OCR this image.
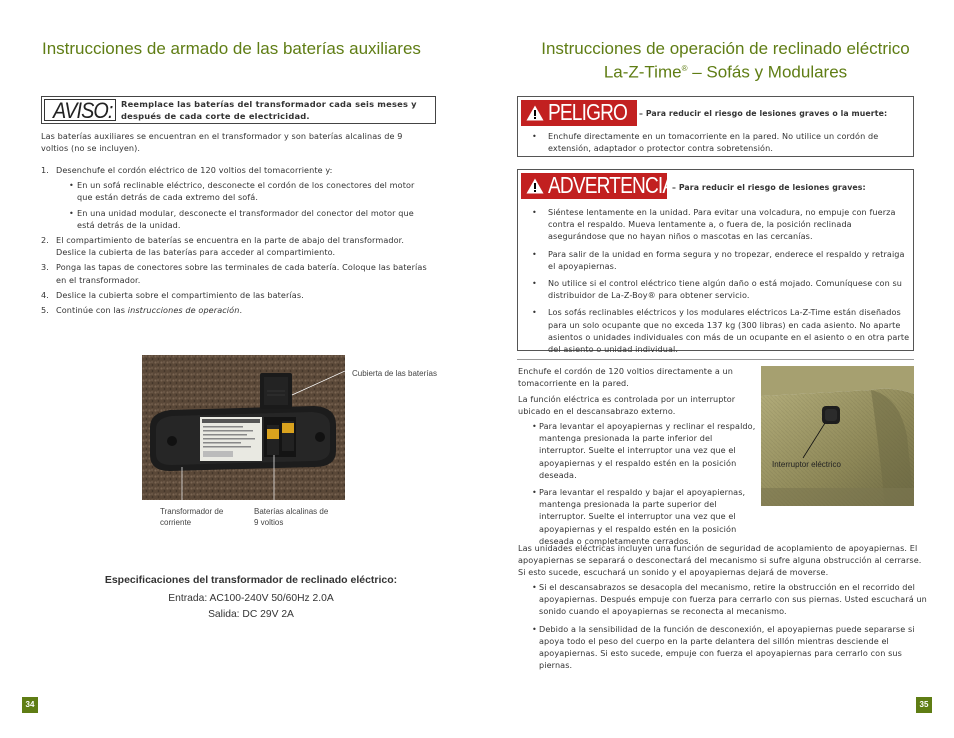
Instrucciones de armado de las baterías auxiliares
AVISO: Reemplace las baterías del transformador cada seis meses y después de cada corte de electricidad.

Las baterías auxiliares se encuentran en el transformador y son baterías alcalinas de 9 voltios (no se incluyen).

1. Desenchufe el cordón eléctrico de 120 voltios del tomacorriente y:
• En un sofá reclinable eléctrico, desconecte el cordón de los conectores del motor que están detrás de cada extremo del sofá.
• En una unidad modular, desconecte el transformador del conector del motor que está detrás de la unidad.
2. El compartimiento de baterías se encuentra en la parte de abajo del transformador. Deslice la cubierta de las baterías para acceder al compartimiento.
3. Ponga las tapas de conectores sobre las terminales de cada batería. Coloque las baterías en el transformador.
4. Deslice la cubierta sobre el compartimiento de las baterías.
5. Continúe con las instrucciones de operación.
Cubierta de las baterías
Transformador de corriente
Baterías alcalinas de 9 voltios
Especificaciones del transformador de reclinado eléctrico:
Entrada: AC100-240V 50/60Hz 2.0A
Salida: DC 29V 2A
34
Instrucciones de operación de reclinado eléctrico
La-Z-Time® – Sofás y Modulares
PELIGRO – Para reducir el riesgo de lesiones graves o la muerte:
• Enchufe directamente en un tomacorriente en la pared. No utilice un cordón de extensión, adaptador o protector contra sobretensión.
ADVERTENCIA
– Para reducir el riesgo de lesiones graves:
• Siéntese lentamente en la unidad. Para evitar una volcadura, no empuje con fuerza contra el respaldo. Mueva lentamente a, o fuera de, la posición reclinada asegurándose que no hayan niños o mascotas en las cercanías.
• Para salir de la unidad en forma segura y no tropezar, enderece el respaldo y retraiga el apoyapiernas.
• No utilice si el control eléctrico tiene algún daño o está mojado. Comuníquese con su distribuidor de La-Z-Boy® para obtener servicio.
• Los sofás reclinables eléctricos y los modulares eléctricos La-Z-Time están diseñados para un solo ocupante que no exceda 137 kg (300 libras) en cada asiento. No aparte asientos o unidades individuales con más de un ocupante en el asiento o en otra parte del asiento o unidad individual.

Enchufe el cordón de 120 voltios directamente a un tomacorriente en la pared.

La función eléctrica es controlada por un interruptor ubicado en el descansabrazo externo.

• Para levantar el apoyapiernas y reclinar el respaldo, mantenga presionada la parte inferior del interruptor. Suelte el interruptor una vez que el apoyapiernas y el respaldo estén en la posición deseada.
• Para levantar el respaldo y bajar el apoyapiernas, mantenga presionada la parte superior del interruptor. Suelte el interruptor una vez que el apoyapiernas y el respaldo estén en la posición deseada o completamente cerrados.
Interruptor eléctrico

Las unidades eléctricas incluyen una función de seguridad de acoplamiento de apoyapiernas. El apoyapiernas se separará o desconectará del mecanismo si sufre alguna obstrucción al cerrarse. Si esto sucede, escuchará un sonido y el apoyapiernas dejará de moverse.

• Si el descansabrazos se desacopla del mecanismo, retire la obstrucción en el recorrido del apoyapiernas. Después empuje con fuerza para cerrarlo con sus piernas. Usted escuchará un sonido cuando el apoyapiernas se reconecta al mecanismo.
• Debido a la sensibilidad de la función de desconexión, el apoyapiernas puede separarse si apoya todo el peso del cuerpo en la parte delantera del sillón mientras desciende el apoyapiernas. Si esto sucede, empuje con fuerza el apoyapiernas para cerrarlo con sus piernas.
35
